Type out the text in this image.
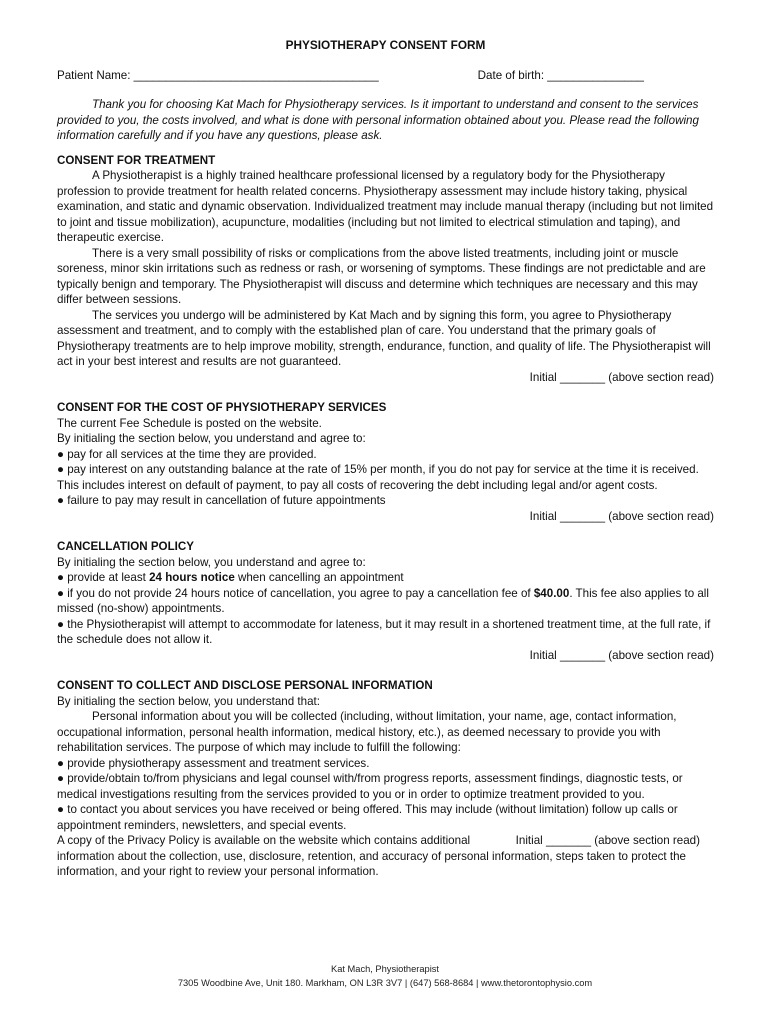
PHYSIOTHERAPY CONSENT FORM
Patient Name: ______________________________________	Date of birth: _______________

Thank you for choosing Kat Mach for Physiotherapy services. Is it important to understand and consent to the services provided to you, the costs involved, and what is done with personal information obtained about you. Please read the following information carefully and if you have any questions, please ask.

CONSENT FOR TREATMENT

A Physiotherapist is a highly trained healthcare professional licensed by a regulatory body for the Physiotherapy profession to provide treatment for health related concerns. Physiotherapy assessment may include history taking, physical examination, and static and dynamic observation. Individualized treatment may include manual therapy (including but not limited to joint and tissue mobilization), acupuncture, modalities (including but not limited to electrical stimulation and taping), and therapeutic exercise.

There is a very small possibility of risks or complications from the above listed treatments, including joint or muscle soreness, minor skin irritations such as redness or rash, or worsening of symptoms. These findings are not predictable and are typically benign and temporary. The Physiotherapist will discuss and determine which techniques are necessary and this may differ between sessions.

The services you undergo will be administered by Kat Mach and by signing this form, you agree to Physiotherapy assessment and treatment, and to comply with the established plan of care. You understand that the primary goals of Physiotherapy treatments are to help improve mobility, strength, endurance, function, and quality of life. The Physiotherapist will act in your best interest and results are not guaranteed.

Initial _______ (above section read)

CONSENT FOR THE COST OF PHYSIOTHERAPY SERVICES

The current Fee Schedule is posted on the website.

By initialing the section below, you understand and agree to:

● pay for all services at the time they are provided.

● pay interest on any outstanding balance at the rate of 15% per month, if you do not pay for service at the time it is received. This includes interest on default of payment, to pay all costs of recovering the debt including legal and/or agent costs.

● failure to pay may result in cancellation of future appointments

Initial _______ (above section read)

CANCELLATION POLICY

By initialing the section below, you understand and agree to:

● provide at least 24 hours notice when cancelling an appointment

● if you do not provide 24 hours notice of cancellation, you agree to pay a cancellation fee of $40.00. This fee also applies to all missed (no-show) appointments.

● the Physiotherapist will attempt to accommodate for lateness, but it may result in a shortened treatment time, at the full rate, if the schedule does not allow it.

Initial _______ (above section read)

CONSENT TO COLLECT AND DISCLOSE PERSONAL INFORMATION

By initialing the section below, you understand that:

Personal information about you will be collected (including, without limitation, your name, age, contact information, occupational information, personal health information, medical history, etc.), as deemed necessary to provide you with rehabilitation services. The purpose of which may include to fulfill the following:

● provide physiotherapy assessment and treatment services.

● provide/obtain to/from physicians and legal counsel with/from progress reports, assessment findings, diagnostic tests, or medical investigations resulting from the services provided to you or in order to optimize treatment provided to you.

● to contact you about services you have received or being offered. This may include (without limitation) follow up calls or appointment reminders, newsletters, and special events.

Initial _______ (above section read)
A copy of the Privacy Policy is available on the website which contains additional information about the collection, use, disclosure, retention, and accuracy of personal information, steps taken to protect the information, and your right to review your personal information.

Kat Mach, Physiotherapist
7305 Woodbine Ave, Unit 180. Markham, ON L3R 3V7 | (647) 568-8684 | www.thetorontophysio.com
